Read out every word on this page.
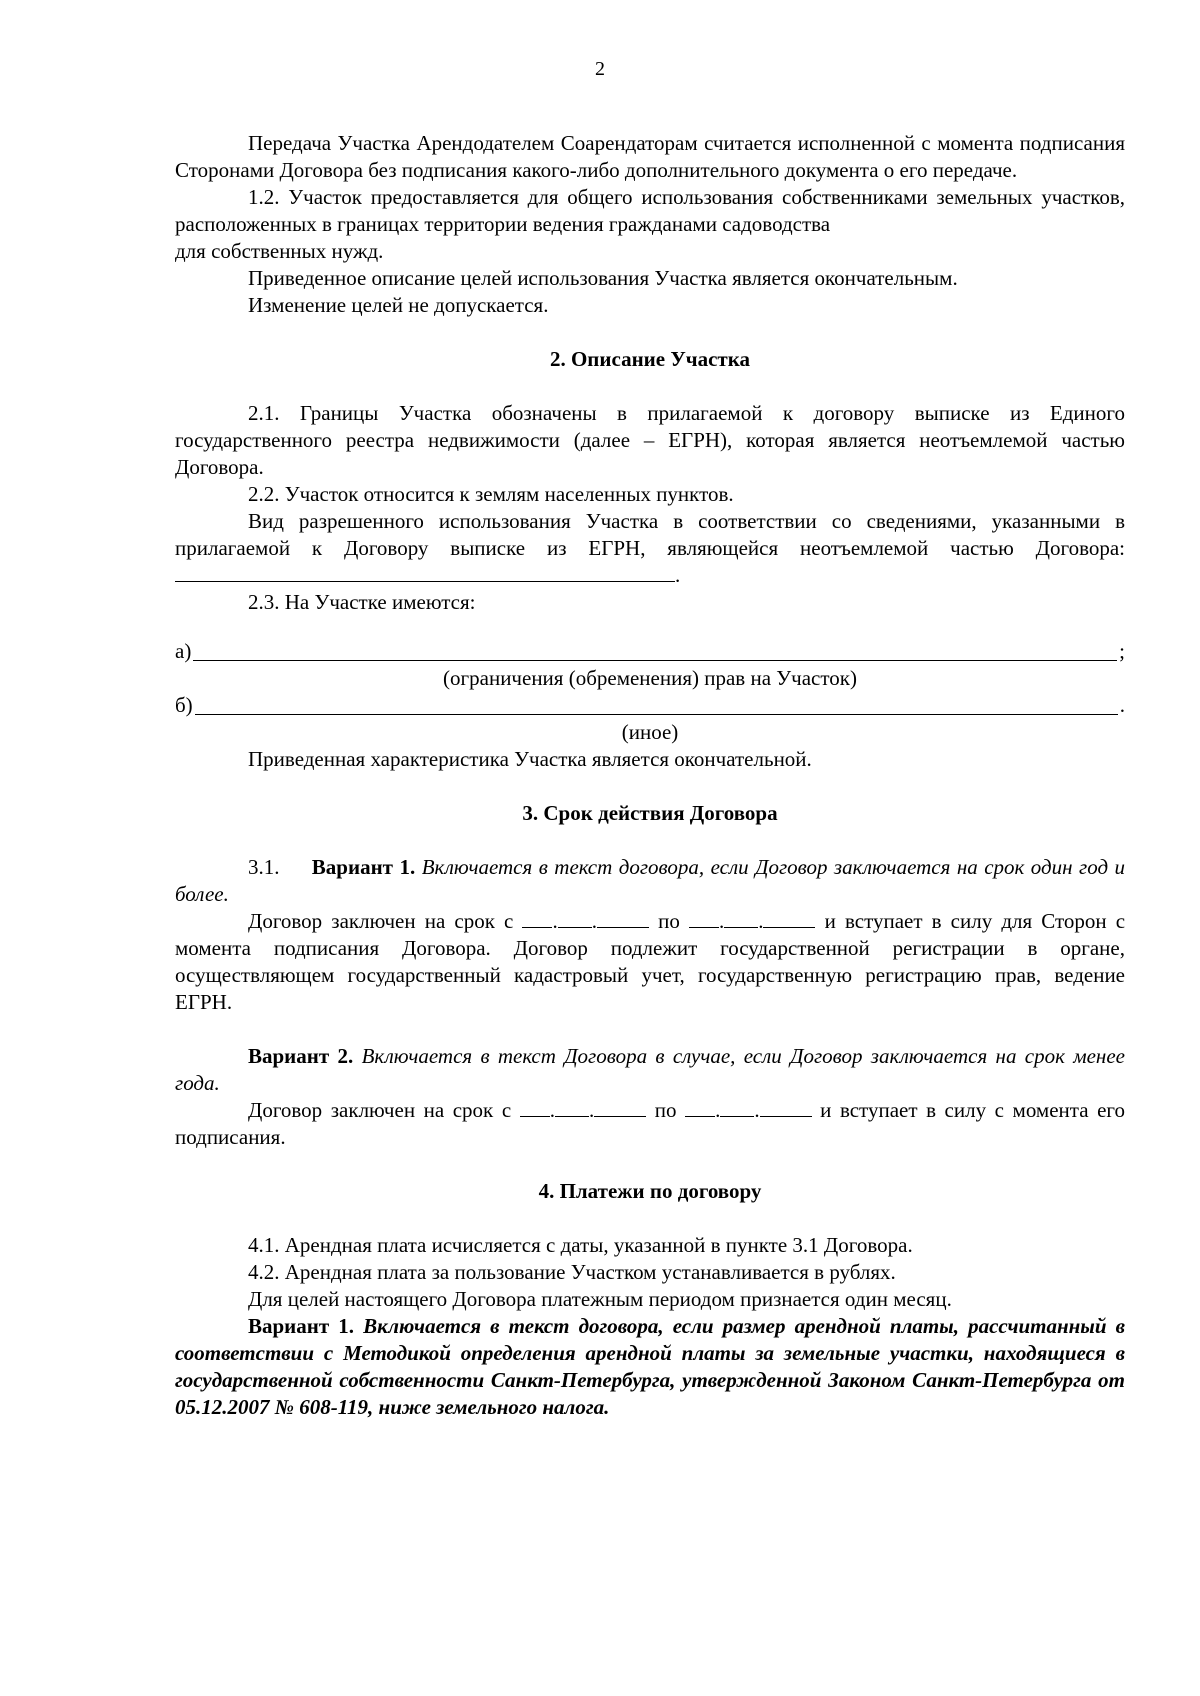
2

Передача Участка Арендодателем Соарендаторам считается исполненной с момента подписания Сторонами Договора без подписания какого-либо дополнительного документа о его передаче.

1.2. Участок предоставляется для общего использования собственниками земельных участков, расположенных в границах территории ведения гражданами садоводства

для собственных нужд.

Приведенное описание целей использования Участка является окончательным.

Изменение целей не допускается.

2. Описание Участка

2.1. Границы Участка обозначены в прилагаемой к договору выписке из Единого государственного реестра недвижимости (далее – ЕГРН), которая является неотъемлемой частью Договора.

2.2. Участок относится к землям населенных пунктов.

Вид разрешенного использования Участка в соответствии со сведениями, указанными в прилагаемой к Договору выписке из ЕГРН, являющейся неотъемлемой частью Договора: .

2.3. На Участке имеются:

а)	;

(ограничения (обременения) прав на Участок)

б)	.

(иное)

Приведенная характеристика Участка является окончательной.

3. Срок действия Договора

3.1. Вариант 1. Включается в текст договора, если Договор заключается на срок один год и более.

Договор заключен на срок с . .	по . .	и вступает в силу для Сторон с момента подписания Договора. Договор подлежит государственной регистрации в органе, осуществляющем государственный кадастровый учет, государственную регистрацию прав, ведение ЕГРН.

Вариант 2. Включается в текст Договора в случае, если Договор заключается на срок менее года.

Договор заключен на срок с . .	по . .	и вступает в силу с момента его подписания.

4. Платежи по договору

4.1. Арендная плата исчисляется с даты, указанной в пункте 3.1 Договора.

4.2. Арендная плата за пользование Участком устанавливается в рублях.

Для целей настоящего Договора платежным периодом признается один месяц.

Вариант 1. Включается в текст договора, если размер арендной платы, рассчитанный в соответствии с Методикой определения арендной платы за земельные участки, находящиеся в государственной собственности Санкт-Петербурга, утвержденной Законом Санкт-Петербурга от 05.12.2007 № 608-119, ниже земельного налога.
